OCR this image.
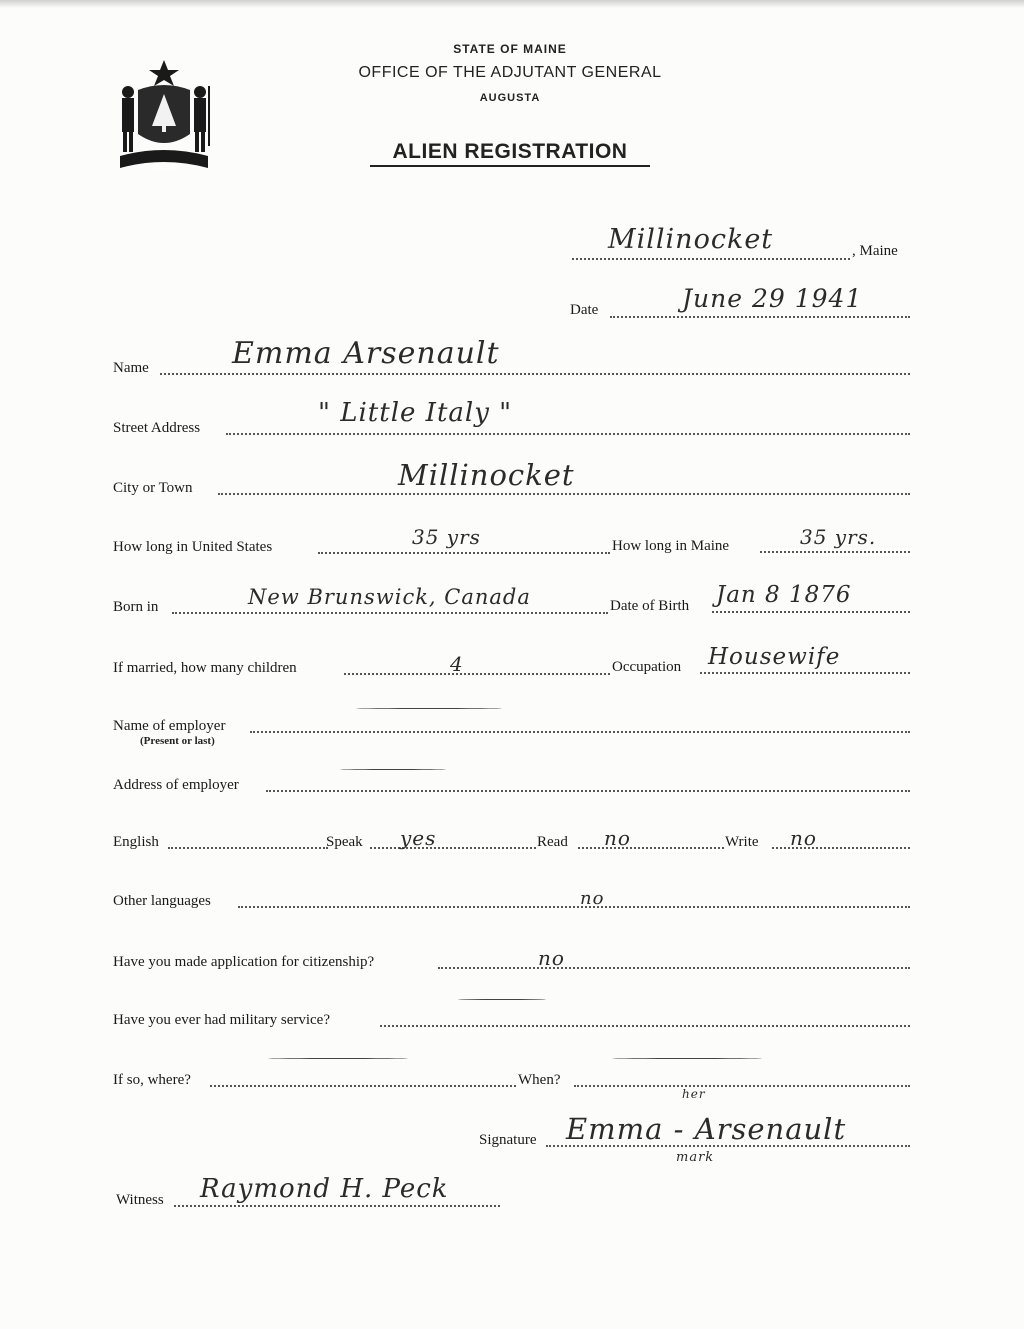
MAINE
STATE OF MAINE
OFFICE OF THE ADJUTANT GENERAL
AUGUSTA
ALIEN REGISTRATION
Millinocket	, Maine
Date	June 29 1941
Name	Emma Arsenault
Street Address	" Little Italy "
City or Town	Millinocket
How long in United States	35 yrs	How long in Maine	35 yrs.
Born in	New Brunswick, Canada	Date of Birth Jan 8 1876
If married, how many children	4	Occupation Housewife
Name of employer
(Present or last)
Address of employer
English	Speak yes	Read no	Write no
Other languages	no
Have you made application for citizenship?	no
Have you ever had military service?
If so, where?	When?
her
Signature Emma - Arsenault
mark
Witness Raymond H. Peck
